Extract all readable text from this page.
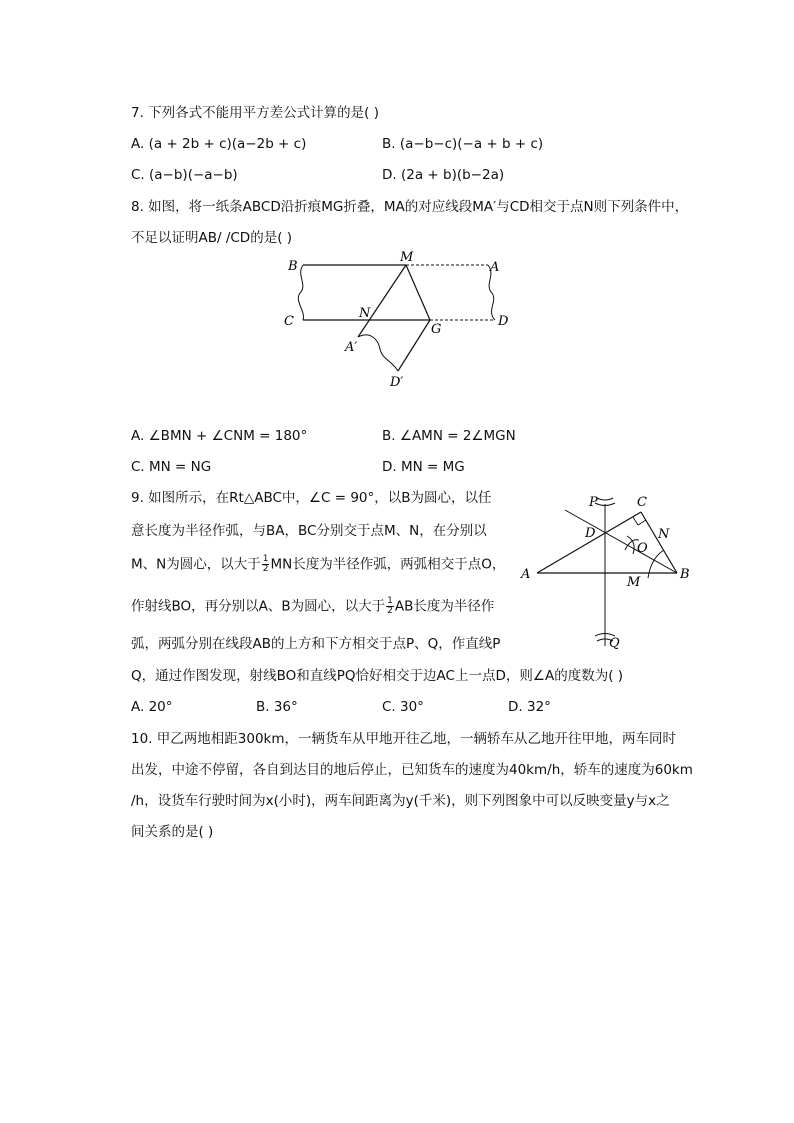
7. 下列各式不能用平方差公式计算的是( )
A. (a + 2b + c)(a−2b + c)	B. (a−b−c)(−a + b + c)
C. (a−b)(−a−b)	D. (2a + b)(b−2a)
8. 如图，将一纸条ABCD沿折痕MG折叠，MA的对应线段MA′与CD相交于点N则下列条件中，
不足以证明AB/ /CD的是( )
B
M
A
C
N
G
D
A′
D′
A. ∠BMN + ∠CNM = 180°	B. ∠AMN = 2∠MGN
C. MN = NG	D. MN = MG
9. 如图所示，在Rt△ABC中，∠C = 90°，以B为圆心，以任
意长度为半径作弧，与BA，BC分别交于点M、N，在分别以
M、N为圆心，以大于 $\frac{1}{2}$ MN长度为半径作弧，两弧相交于点O，
作射线BO，再分别以A、B为圆心，以大于 $\frac{1}{2}$ AB长度为半径作
弧，两弧分别在线段AB的上方和下方相交于点P、Q，作直线P
Q，通过作图发现，射线BO和直线PQ恰好相交于边AC上一点D，则∠A的度数为( )
P	C
D	N
O
A
M
B
Q
A. 20°	B. 36°	C. 30°	D. 32°
10. 甲乙两地相距300km，一辆货车从甲地开往乙地，一辆轿车从乙地开往甲地，两车同时
出发，中途不停留，各自到达目的地后停止，已知货车的速度为40km/h，轿车的速度为60km
/h，设货车行驶时间为x(小时)，两车间距离为y(千米)，则下列图象中可以反映变量y与x之
间关系的是( )
